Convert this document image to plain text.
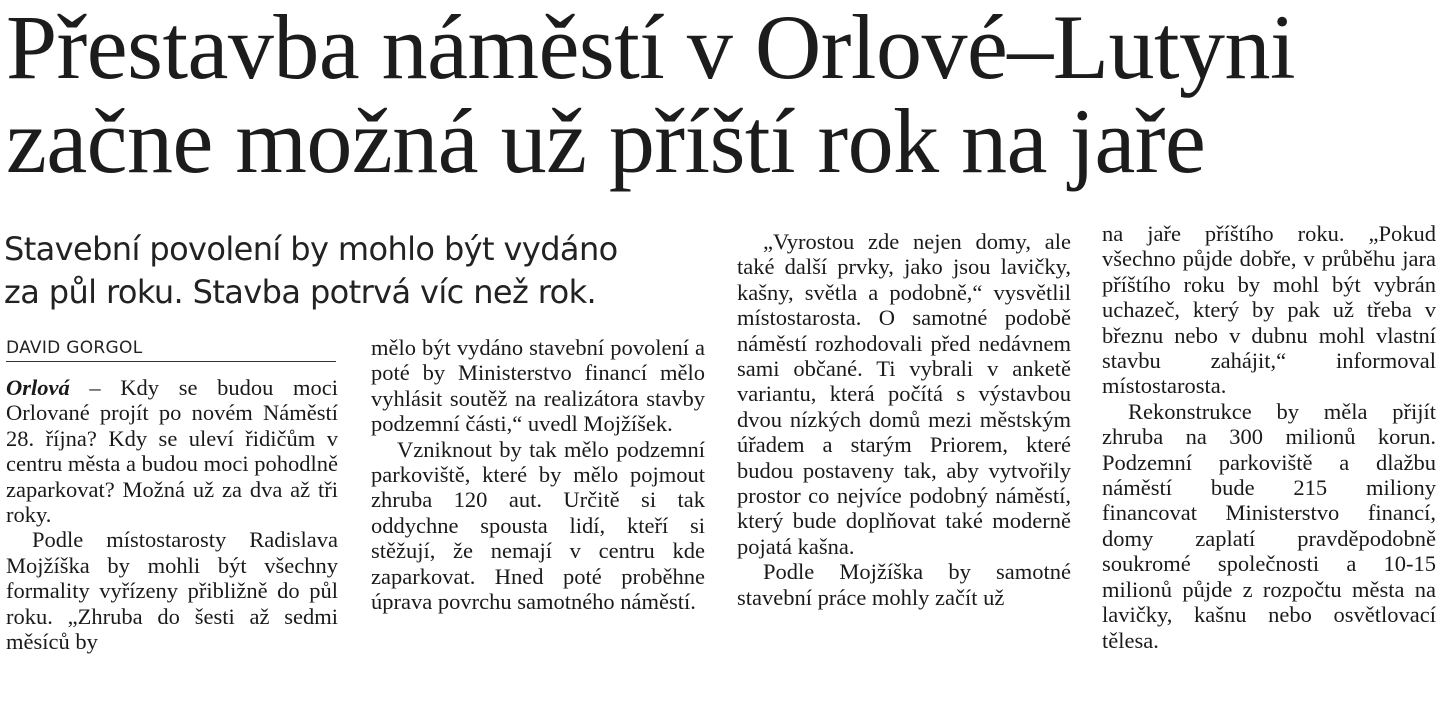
Přestavba náměstí v Orlové–Lutyni
začne možná už příští rok na jaře
Stavební povolení by mohlo být vydáno
za půl roku. Stavba potrvá víc než rok.
DAVID GORGOL

Orlová – Kdy se budou moci Orlované projít po novém Náměstí 28. října? Kdy se uleví řidičům v centru města a budou moci pohodlně zaparkovat? Možná už za dva až tři roky.

Podle místostarosty Radislava Mojžíška by mohli být všechny formality vyřízeny přibližně do půl roku. „Zhruba do šesti až sedmi měsíců by

mělo být vydáno stavební povolení a poté by Ministerstvo financí mělo vyhlásit soutěž na realizátora stavby podzemní části,“ uvedl Mojžíšek.

Vzniknout by tak mělo podzemní parkoviště, které by mělo pojmout zhruba 120 aut. Určitě si tak oddychne spousta lidí, kteří si stěžují, že nemají v centru kde zaparkovat. Hned poté proběhne úprava povrchu samotného náměstí.

„Vyrostou zde nejen domy, ale také další prvky, jako jsou lavičky, kašny, světla a podobně,“ vysvětlil místostarosta. O samotné podobě náměstí rozhodovali před nedávnem sami občané. Ti vybrali v anketě variantu, která počítá s výstavbou dvou nízkých domů mezi městským úřadem a starým Priorem, které budou postaveny tak, aby vytvořily prostor co nejvíce podobný náměstí, který bude doplňovat také moderně pojatá kašna.

Podle Mojžíška by samotné stavební práce mohly začít už

na jaře příštího roku. „Pokud všechno půjde dobře, v průběhu jara příštího roku by mohl být vybrán uchazeč, který by pak už třeba v březnu nebo v dubnu mohl vlastní stavbu zahájit,“ informoval místostarosta.

Rekonstrukce by měla přijít zhruba na 300 milionů korun. Podzemní parkoviště a dlažbu náměstí bude 215 miliony financovat Ministerstvo financí, domy zaplatí pravděpodobně soukromé společnosti a 10-15 milionů půjde z rozpočtu města na lavičky, kašnu nebo osvětlovací tělesa.
